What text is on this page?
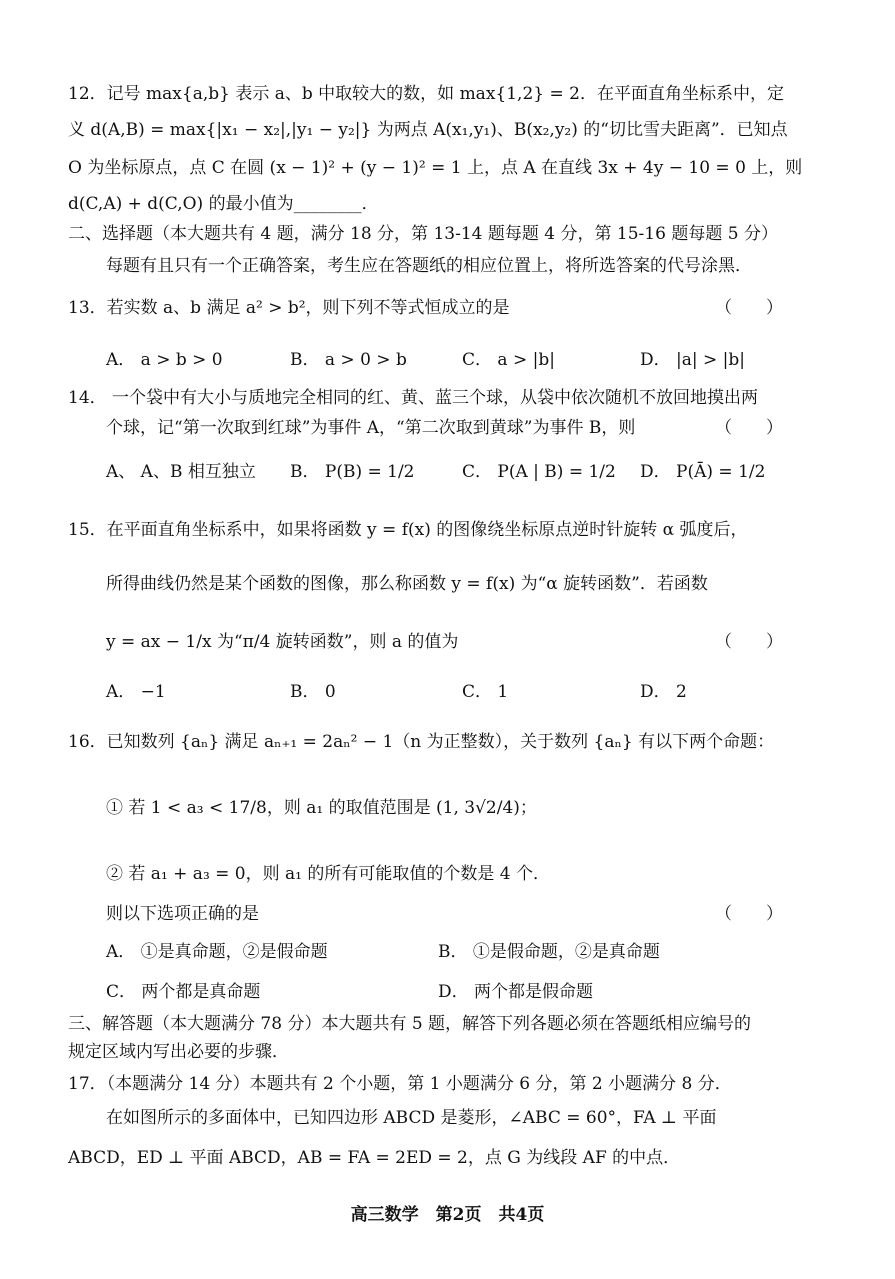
12．记号 max{a,b} 表示 a、b 中取较大的数，如 max{1,2} = 2．在平面直角坐标系中，定
义 d(A,B) = max{|x₁ − x₂|,|y₁ − y₂|} 为两点 A(x₁,y₁)、B(x₂,y₂) 的“切比雪夫距离”．已知点
O 为坐标原点，点 C 在圆 (x − 1)² + (y − 1)² = 1 上，点 A 在直线 3x + 4y − 10 = 0 上，则
d(C,A) + d(C,O) 的最小值为________．
二、选择题（本大题共有 4 题，满分 18 分，第 13-14 题每题 4 分，第 15-16 题每题 5 分）
每题有且只有一个正确答案，考生应在答题纸的相应位置上，将所选答案的代号涂黑．
13．若实数 a、b 满足 a² > b²，则下列不等式恒成立的是	（　　）
A． a > b > 0	B． a > 0 > b	C． a > |b|	D． |a| > |b|
14． 一个袋中有大小与质地完全相同的红、黄、蓝三个球，从袋中依次随机不放回地摸出两
个球，记“第一次取到红球”为事件 A，“第二次取到黄球”为事件 B，则	（　　）
A、 A、B 相互独立 B． P(B) = 1/2	C． P(A | B) = 1/2 D． P(Ā) = 1/2
15．在平面直角坐标系中，如果将函数 y = f(x) 的图像绕坐标原点逆时针旋转 α 弧度后，
所得曲线仍然是某个函数的图像，那么称函数 y = f(x) 为“α 旋转函数”．若函数
y = ax − 1/x 为“π/4 旋转函数”，则 a 的值为	（　　）
A． −1	B． 0	C． 1	D． 2
16．已知数列 {aₙ} 满足 aₙ₊₁ = 2aₙ² − 1（n 为正整数），关于数列 {aₙ} 有以下两个命题：
① 若 1 < a₃ < 17/8，则 a₁ 的取值范围是 (1, 3√2/4)；
② 若 a₁ + a₃ = 0，则 a₁ 的所有可能取值的个数是 4 个．
则以下选项正确的是	（　　）
A． ①是真命题，②是假命题	B． ①是假命题，②是真命题
C． 两个都是真命题	D． 两个都是假命题
三、解答题（本大题满分 78 分）本大题共有 5 题，解答下列各题必须在答题纸相应编号的
规定区域内写出必要的步骤．
17．（本题满分 14 分）本题共有 2 个小题，第 1 小题满分 6 分，第 2 小题满分 8 分．
在如图所示的多面体中，已知四边形 ABCD 是菱形，∠ABC = 60°，FA ⊥ 平面
ABCD，ED ⊥ 平面 ABCD，AB = FA = 2ED = 2，点 G 为线段 AF 的中点．
高三数学　第2页　共4页
